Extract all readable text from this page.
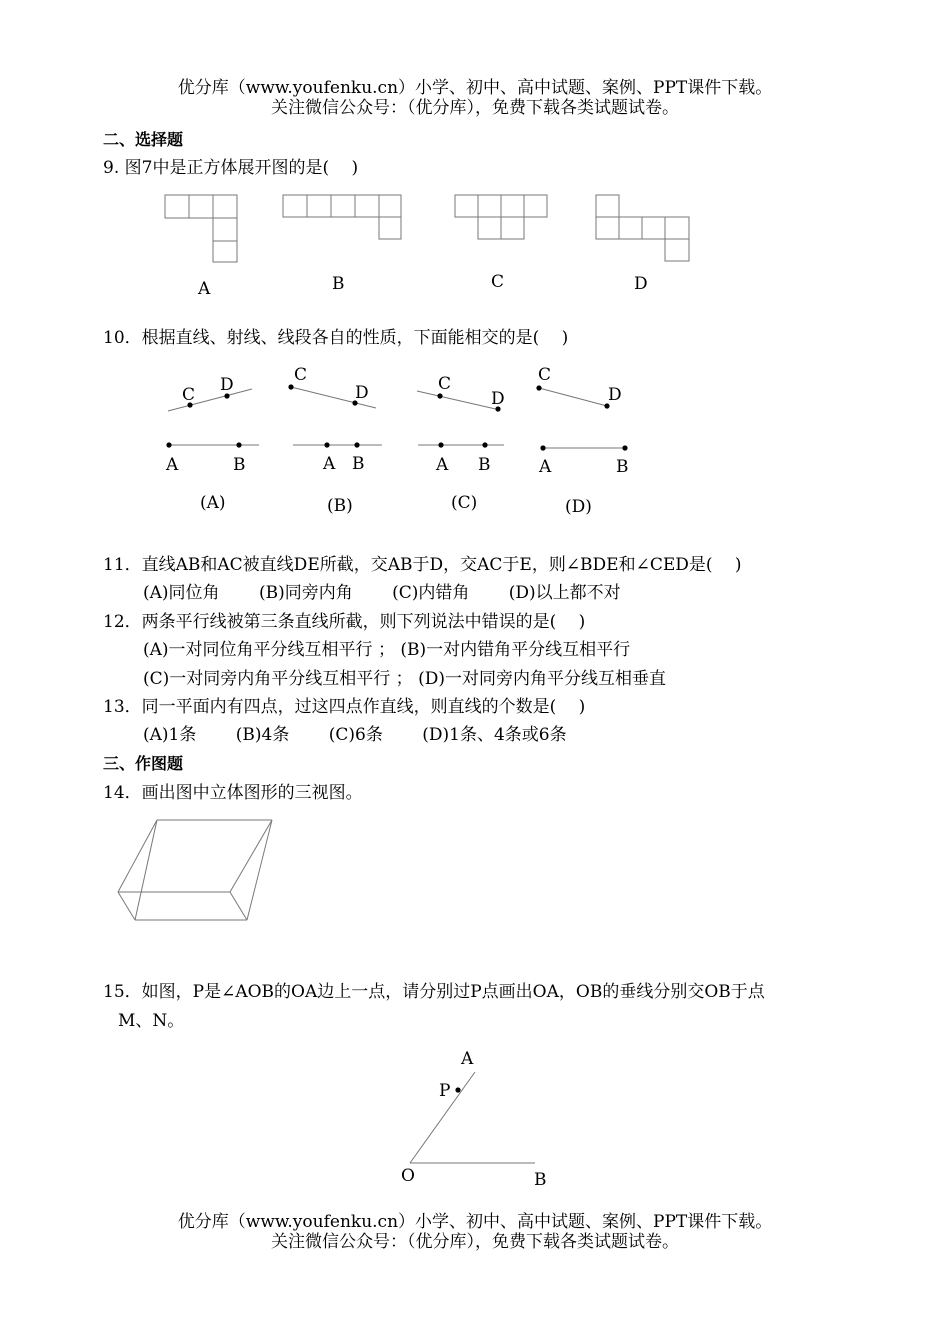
优分库（www.youfenku.cn）小学、初中、高中试题、案例、PPT课件下载。
关注微信公众号：（优分库），免费下载各类试题试卷。
二、选择题
9. 图7中是正方体展开图的是(　 )
10．根据直线、射线、线段各自的性质，下面能相交的是(　 )
11．直线AB和AC被直线DE所截，交AB于D，交AC于E，则∠BDE和∠CED是(　 )
(A)同位角　　 (B)同旁内角　　 (C)内错角　　 (D)以上都不对
12．两条平行线被第三条直线所截，则下列说法中错误的是(　 )
(A)一对同位角平分线互相平行 ； (B)一对内错角平分线互相平行
(C)一对同旁内角平分线互相平行 ； (D)一对同旁内角平分线互相垂直
13．同一平面内有四点，过这四点作直线，则直线的个数是(　 )
(A)1条　　 (B)4条　　 (C)6条　　 (D)1条、4条或6条
三、作图题
14．画出图中立体图形的三视图。
15．如图，P是∠AOB的OA边上一点，请分别过P点画出OA，OB的垂线分别交OB于点
M、N。
优分库（www.youfenku.cn）小学、初中、高中试题、案例、PPT课件下载。
关注微信公众号：（优分库），免费下载各类试题试卷。
A	B	C	D
C D
A	B
C
D
A B
C
D
A B
C
D
A	B
(A)	(B)	(C)	(D)
A
P
O	B
